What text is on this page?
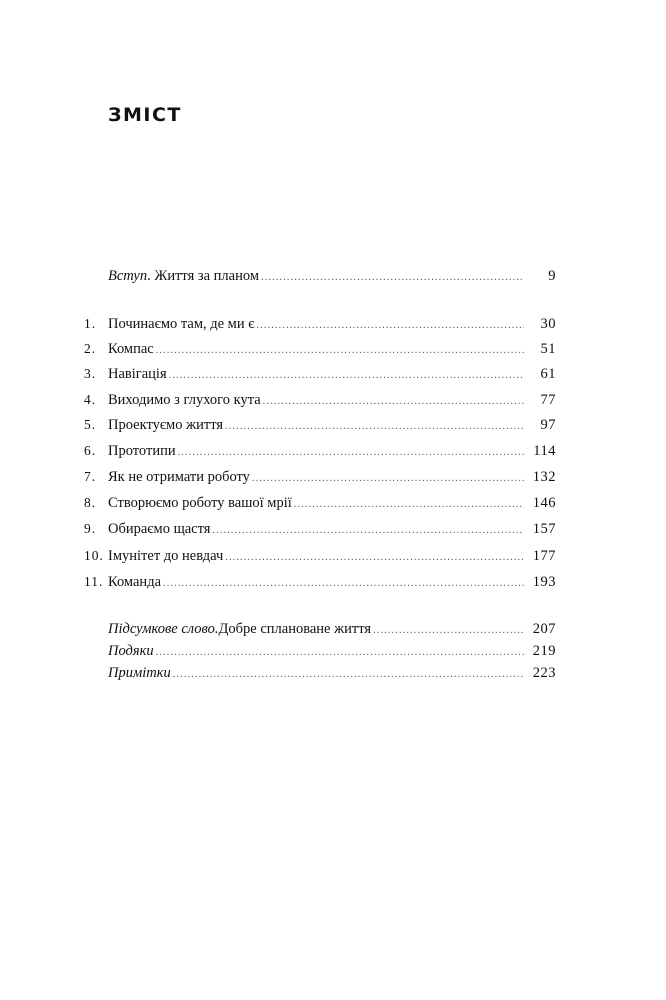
ЗМІСТ
Вступ . Життя за планом .....	9
1. Починаємо там, де ми є .....	30
2. Компас .....	51
3. Навігація .....	61
4. Виходимо з глухого кута .....	77
5. Проектуємо життя .....	97
6. Прототипи .....	114
7. Як не отримати роботу .....	132
8. Створюємо роботу вашої мрії .....	146
9. Обираємо щастя .....	157
10. Імунітет до невдач .....	177
11. Команда .....	193
Підсумкове слово. Добре сплановане життя .....	207
Подяки .....	219
Примітки .....	223
